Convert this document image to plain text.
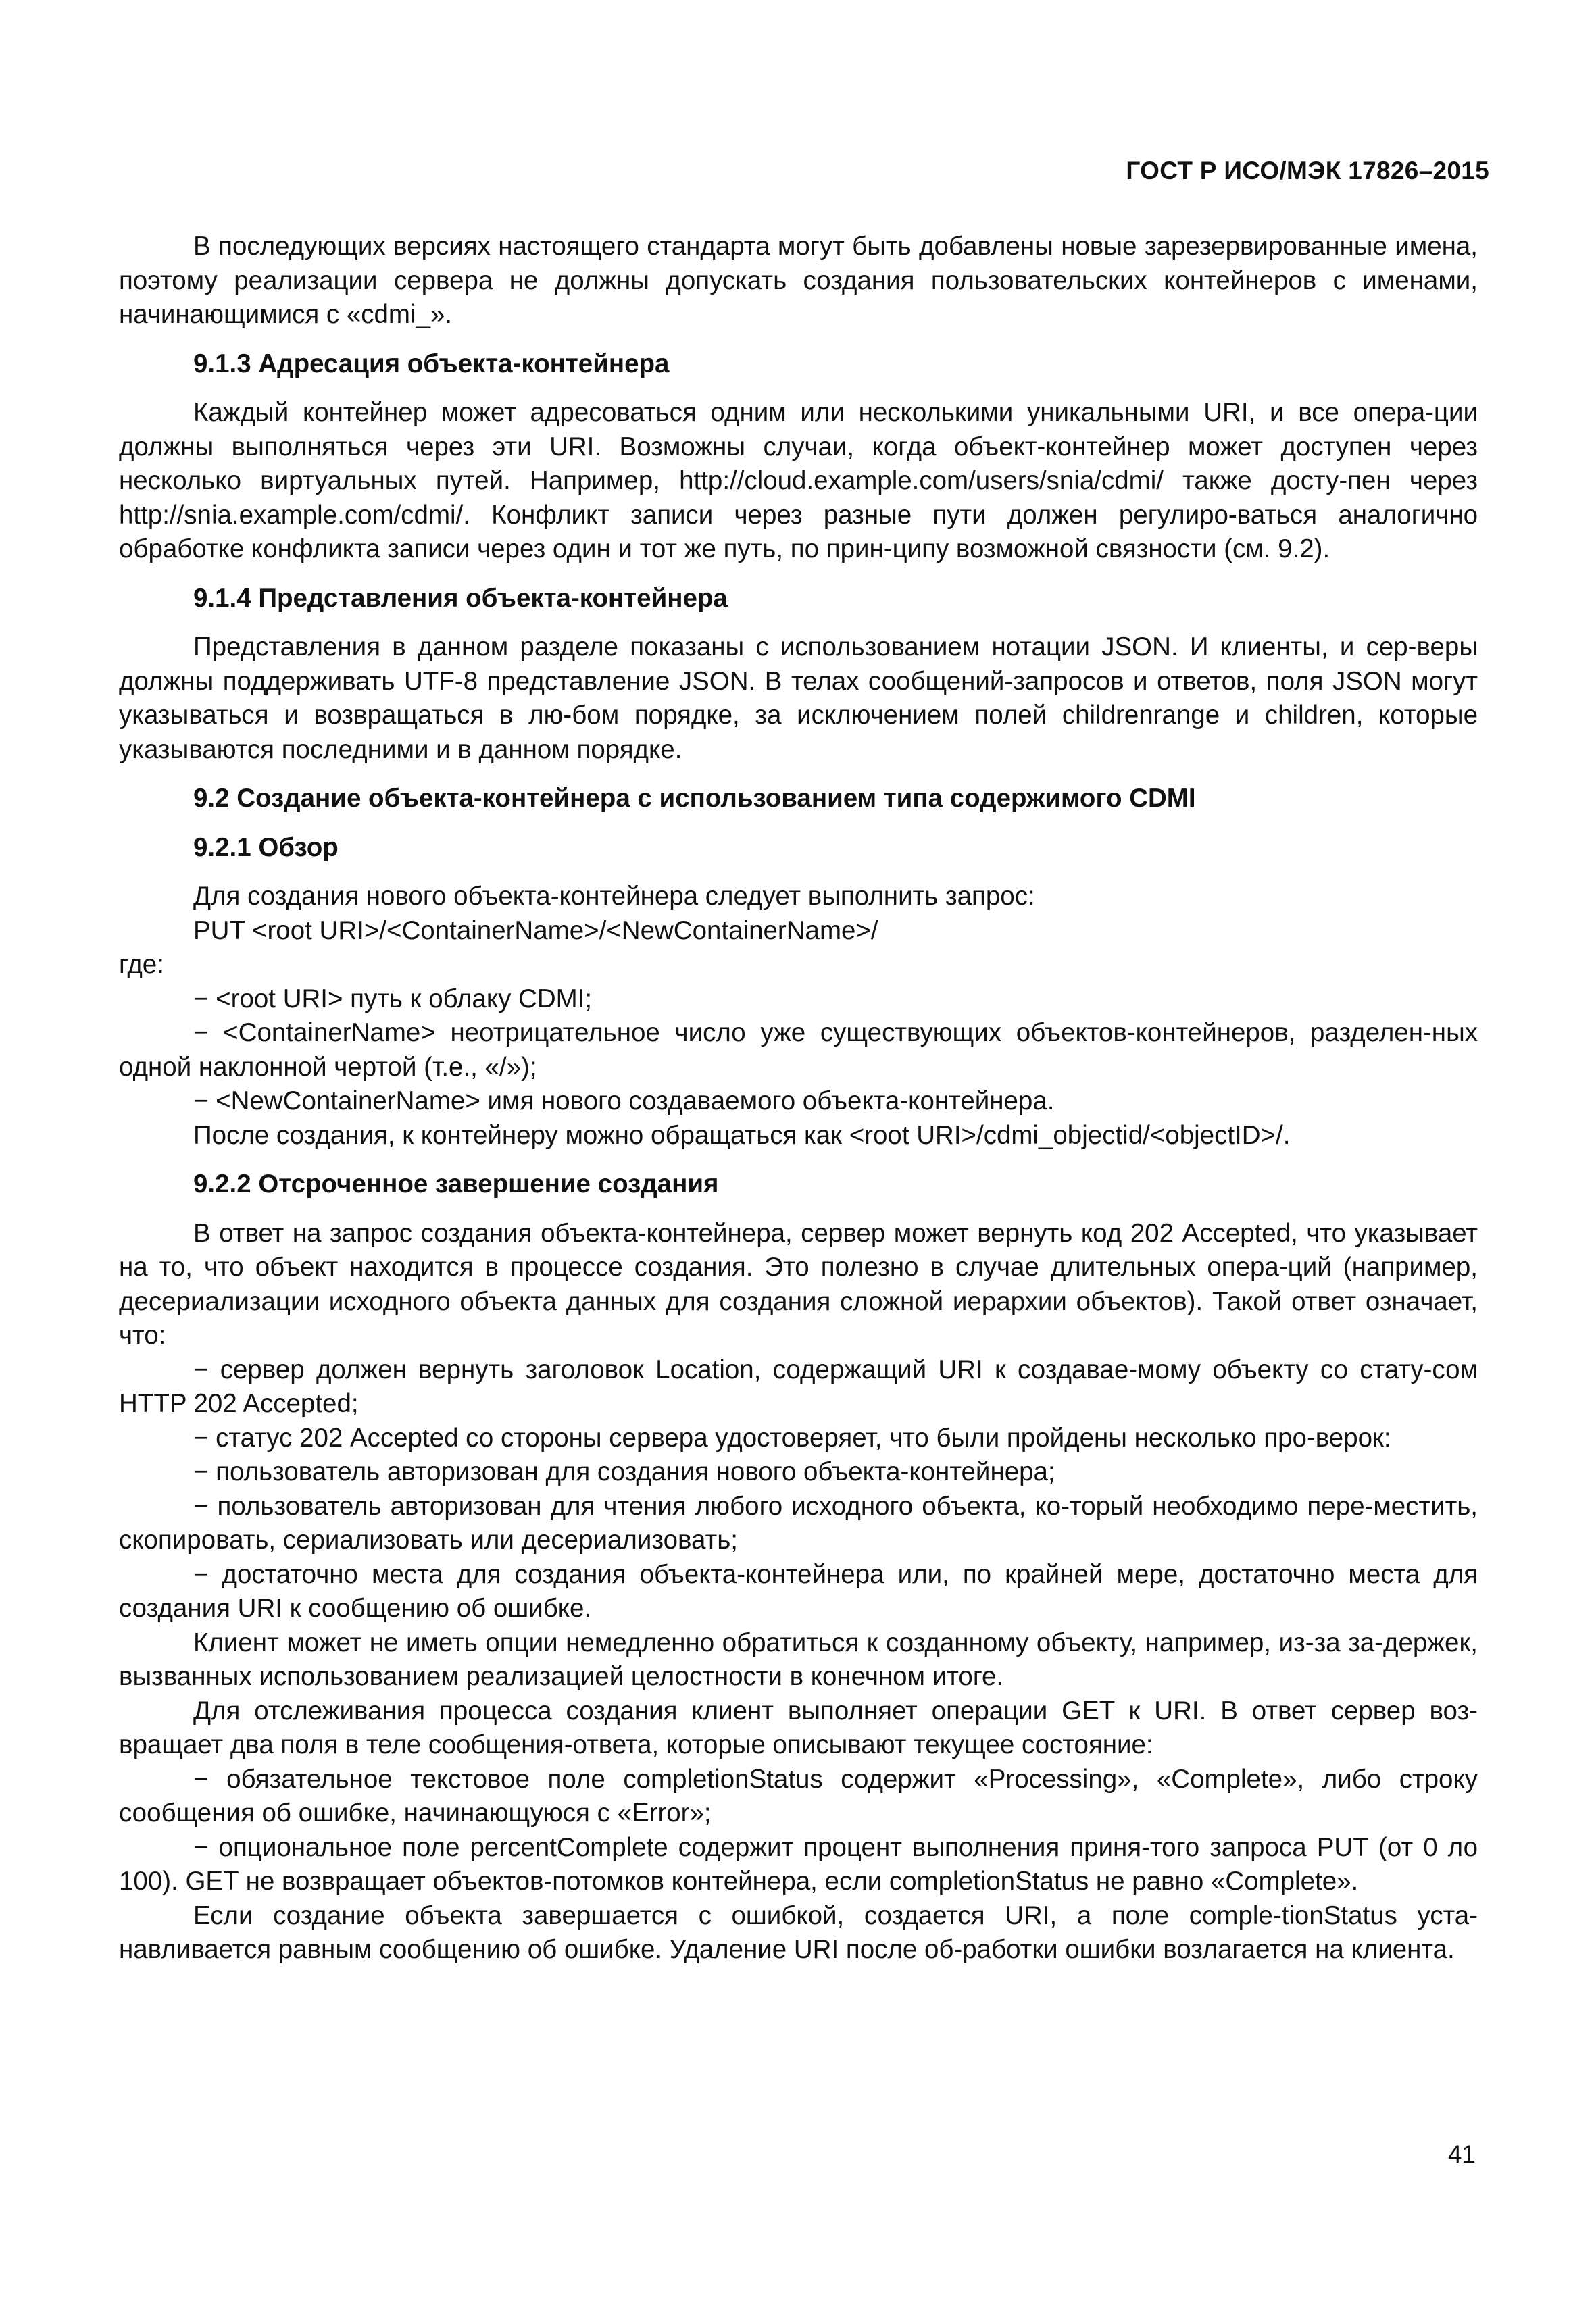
ГОСТ Р ИСО/МЭК 17826–2015

В последующих версиях настоящего стандарта могут быть добавлены новые зарезервированные имена, поэтому реализации сервера не должны допускать создания пользовательских контейнеров с именами, начинающимися с «cdmi_».

9.1.3 Адресация объекта-контейнера

Каждый контейнер может адресоваться одним или несколькими уникальными URI, и все опера-ции должны выполняться через эти URI. Возможны случаи, когда объект-контейнер может доступен через несколько виртуальных путей. Например, http://cloud.example.com/users/snia/cdmi/ также досту-пен через http://snia.example.com/cdmi/. Конфликт записи через разные пути должен регулиро-ваться аналогично обработке конфликта записи через один и тот же путь, по прин-ципу возможной связности (см. 9.2).

9.1.4 Представления объекта-контейнера

Представления в данном разделе показаны с использованием нотации JSON. И клиенты, и сер-веры должны поддерживать UTF-8 представление JSON. В телах сообщений-запросов и ответов, поля JSON могут указываться и возвращаться в лю-бом порядке, за исключением полей childrenrange и children, которые указываются последними и в данном порядке.

9.2 Создание объекта-контейнера с использованием типа содержимого CDMI
9.2.1 Обзор

Для создания нового объекта-контейнера следует выполнить запрос:

PUT <root URI>/<ContainerName>/<NewContainerName>/

где:

− <root URI> путь к облаку CDMI;

− <ContainerName> неотрицательное число уже существующих объектов-контейнеров, разделен-ных одной наклонной чертой (т.е., «/»);

− <NewContainerName> имя нового создаваемого объекта-контейнера.

После создания, к контейнеру можно обращаться как <root URI>/cdmi_objectid/<objectID>/.

9.2.2 Отсроченное завершение создания

В ответ на запрос создания объекта-контейнера, сервер может вернуть код 202 Accepted, что указывает на то, что объект находится в процессе создания. Это полезно в случае длительных опера-ций (например, десериализации исходного объекта данных для создания сложной иерархии объектов). Такой ответ означает, что:

− сервер должен вернуть заголовок Location, содержащий URI к создавае-мому объекту со стату-сом HTTP 202 Accepted;

− статус 202 Accepted со стороны сервера удостоверяет, что были пройдены несколько про-верок:

− пользователь авторизован для создания нового объекта-контейнера;

− пользователь авторизован для чтения любого исходного объекта, ко-торый необходимо пере-местить, скопировать, сериализовать или десериализовать;

− достаточно места для создания объекта-контейнера или, по крайней мере, достаточно места для создания URI к сообщению об ошибке.

Клиент может не иметь опции немедленно обратиться к созданному объекту, например, из-за за-держек, вызванных использованием реализацией целостности в конечном итоге.

Для отслеживания процесса создания клиент выполняет операции GET к URI. В ответ сервер воз-вращает два поля в теле сообщения-ответа, которые описывают текущее состояние:

− обязательное текстовое поле completionStatus содержит «Processing», «Complete», либо строку сообщения об ошибке, начинающуюся с «Error»;

− опциональное поле percentComplete содержит процент выполнения приня-того запроса PUT (от 0 ло 100). GET не возвращает объектов-потомков контейнера, если completionStatus не равно «Complete».

Если создание объекта завершается с ошибкой, создается URI, а поле comple-tionStatus уста-навливается равным сообщению об ошибке. Удаление URI после об-работки ошибки возлагается на клиента.

41
